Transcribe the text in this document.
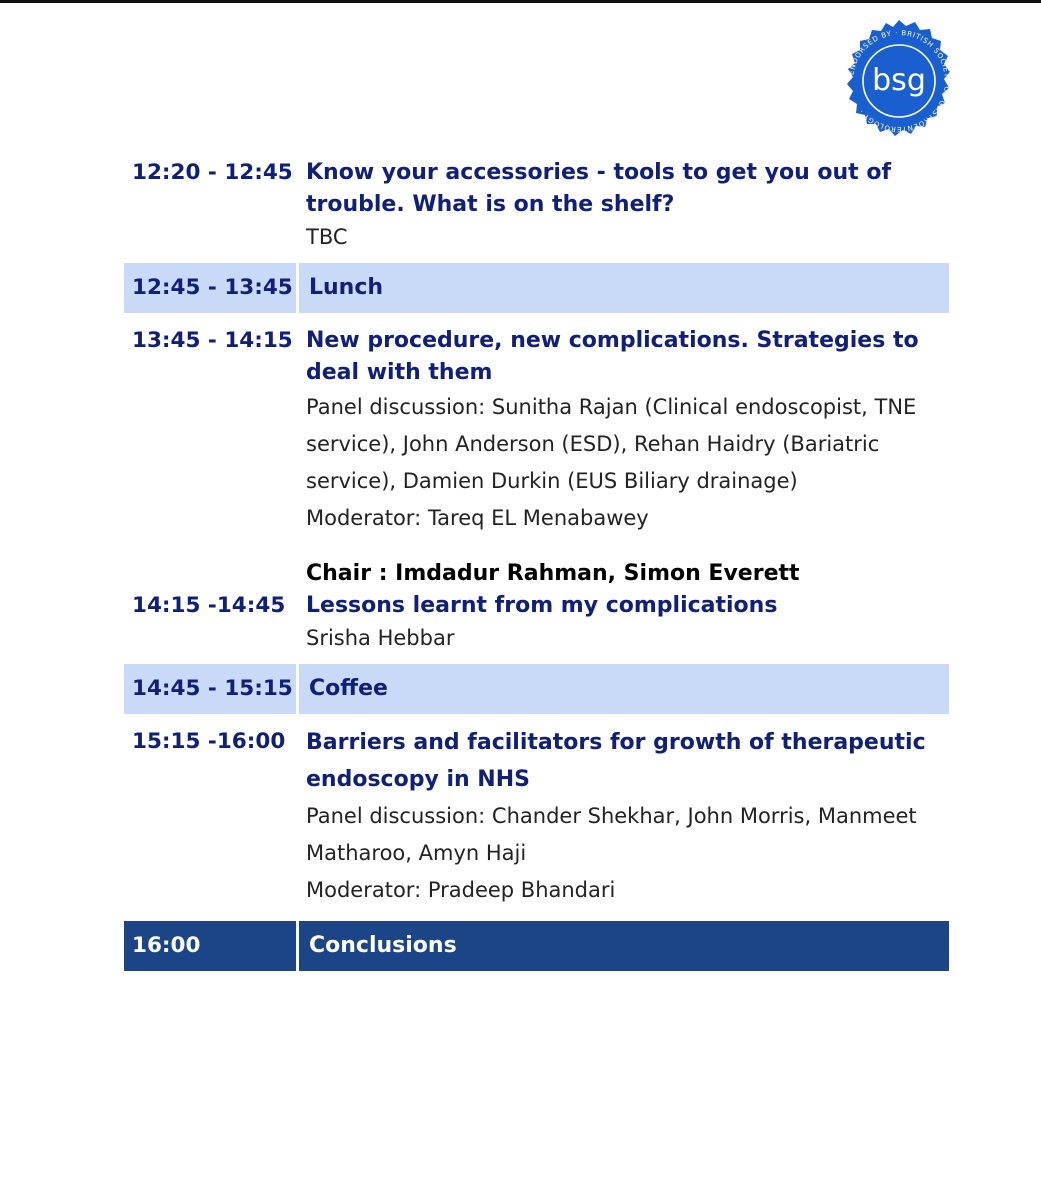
ENDORSED BY · BRITISH SOCIETY OF GASTROENTEROLOGY ·
bsg
12:20 - 12:45 Know your accessories - tools to get you out of trouble. What is on the shelf?
TBC
12:45 - 13:45 Lunch
13:45 - 14:15 New procedure, new complications. Strategies to deal with them
Panel discussion: Sunitha Rajan (Clinical endoscopist, TNE service), John Anderson (ESD), Rehan Haidry (Bariatric service), Damien Durkin (EUS Biliary drainage)
Moderator: Tareq EL Menabawey
14:15 -14:45
Chair : Imdadur Rahman, Simon Everett
Lessons learnt from my complications
Srisha Hebbar
14:45 - 15:15 Coffee
15:15 -16:00 Barriers and facilitators for growth of therapeutic endoscopy in NHS
Panel discussion: Chander Shekhar, John Morris, Manmeet Matharoo, Amyn Haji
Moderator: Pradeep Bhandari
16:00	Conclusions
